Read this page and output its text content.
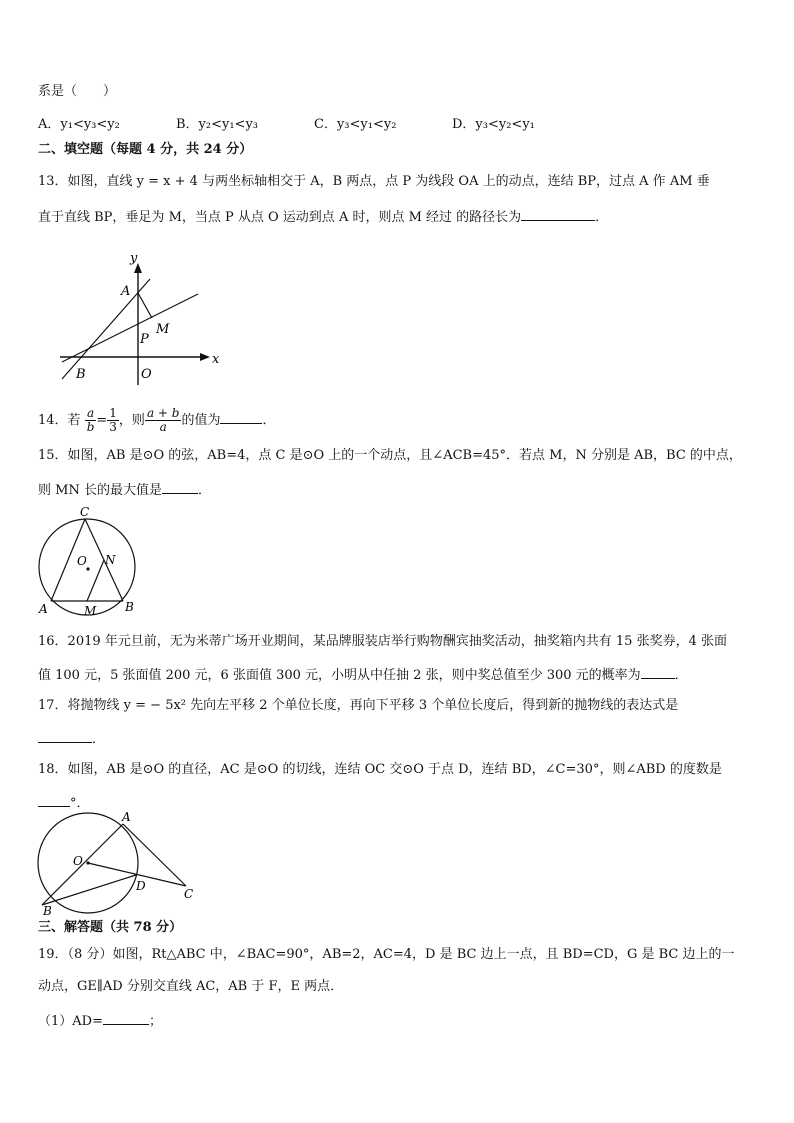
系是（　　）
A．y₁<y₃<y₂	B．y₂<y₁<y₃	C．y₃<y₁<y₂	D．y₃<y₂<y₁
二、填空题（每题 4 分，共 24 分）
13．如图，直线 y = x + 4 与两坐标轴相交于 A，B 两点，点 P 为线段 OA 上的动点，连结 BP，过点 A 作 AM 垂
直于直线 BP，垂足为 M，当点 P 从点 O 运动到点 A 时，则点 M 经过 的路径长为	．
y
x
A
P
M
B	O
14．若 $\frac{a}{b} = \frac{1}{3}$ ，则 $\frac{a + b}{a}$ 的值为	．
15．如图，AB 是⊙O 的弦，AB=4，点 C 是⊙O 上的一个动点，且∠ACB=45°．若点 M，N 分别是 AB，BC 的中点，
则 MN 长的最大值是	．
C
O N
A	M B
16．2019 年元旦前，无为米蒂广场开业期间，某品牌服装店举行购物酬宾抽奖活动，抽奖箱内共有 15 张奖券，4 张面
值 100 元，5 张面值 200 元，6 张面值 300 元，小明从中任抽 2 张，则中奖总值至少 300 元的概率为	．
17．将抛物线 y = − 5x² 先向左平移 2 个单位长度，再向下平移 3 个单位长度后，得到新的抛物线的表达式是
．
18．如图，AB 是⊙O 的直径，AC 是⊙O 的切线，连结 OC 交⊙O 于点 D，连结 BD，∠C=30°，则∠ABD 的度数是
°．
A
O
D
C
B
三、解答题（共 78 分）
19．（8 分）如图，Rt△ABC 中，∠BAC=90°，AB=2，AC=4，D 是 BC 边上一点，且 BD=CD，G 是 BC 边上的一
动点，GE∥AD 分别交直线 AC，AB 于 F，E 两点．
（1）AD=	；
